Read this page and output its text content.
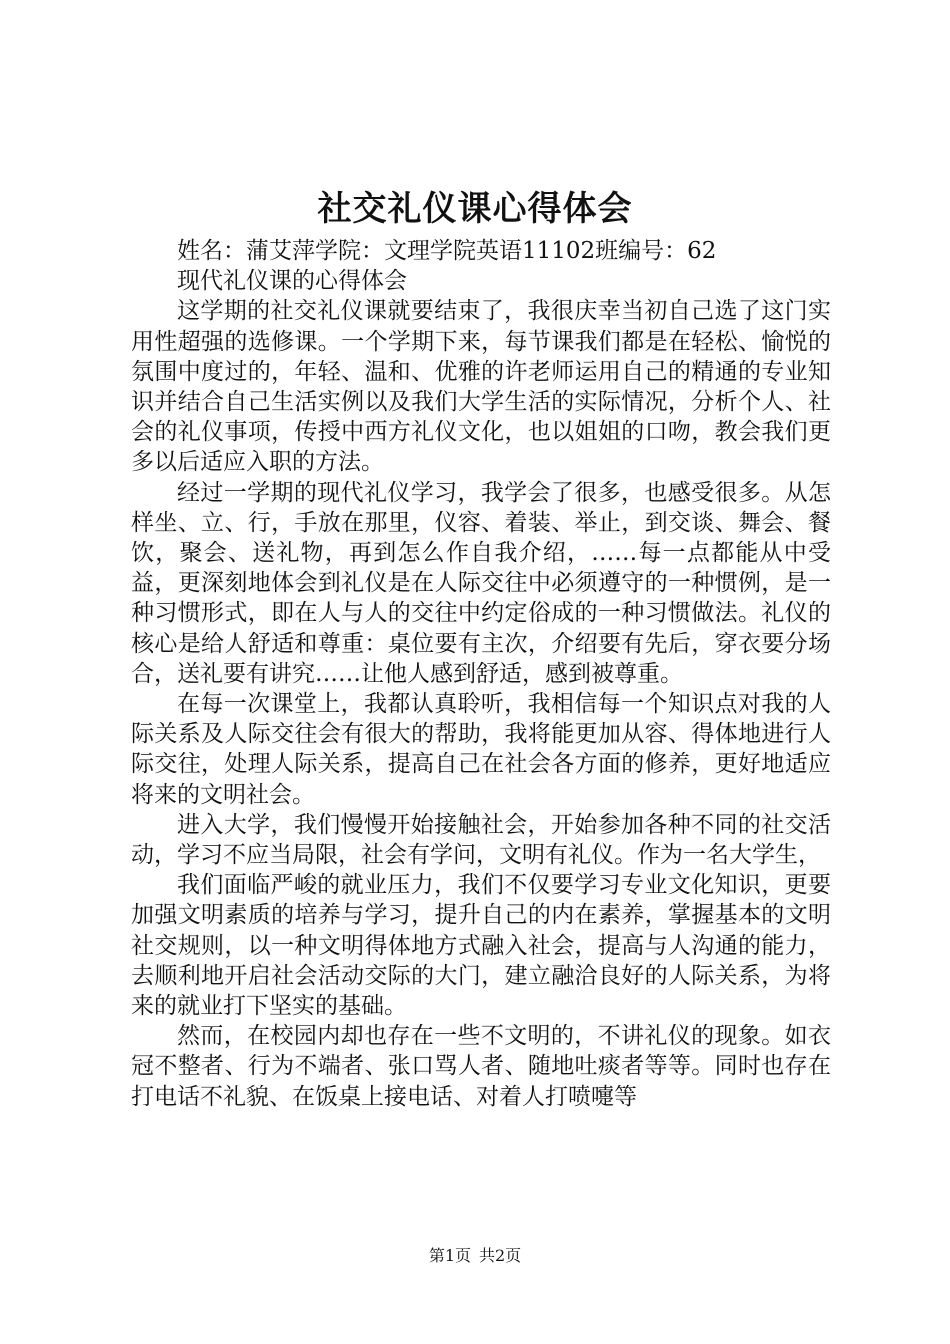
社交礼仪课心得体会

姓名：蒲艾萍学院：文理学院英语11102班编号：62

现代礼仪课的心得体会

这学期的社交礼仪课就要结束了，我很庆幸当初自己选了这门实用性超强的选修课。一个学期下来，每节课我们都是在轻松、愉悦的氛围中度过的，年轻、温和、优雅的许老师运用自己的精通的专业知识并结合自己生活实例以及我们大学生活的实际情况，分析个人、社会的礼仪事项，传授中西方礼仪文化，也以姐姐的口吻，教会我们更多以后适应入职的方法。

经过一学期的现代礼仪学习，我学会了很多，也感受很多。从怎样坐、立、行，手放在那里，仪容、着装、举止，到交谈、舞会、餐饮，聚会、送礼物，再到怎么作自我介绍，……每一点都能从中受益，更深刻地体会到礼仪是在人际交往中必须遵守的一种惯例，是一种习惯形式，即在人与人的交往中约定俗成的一种习惯做法。礼仪的核心是给人舒适和尊重：桌位要有主次，介绍要有先后，穿衣要分场合，送礼要有讲究……让他人感到舒适，感到被尊重。

在每一次课堂上，我都认真聆听，我相信每一个知识点对我的人际关系及人际交往会有很大的帮助，我将能更加从容、得体地进行人际交往，处理人际关系，提高自己在社会各方面的修养，更好地适应将来的文明社会。

进入大学，我们慢慢开始接触社会，开始参加各种不同的社交活动，学习不应当局限，社会有学问，文明有礼仪。作为一名大学生，

我们面临严峻的就业压力，我们不仅要学习专业文化知识，更要加强文明素质的培养与学习，提升自己的内在素养，掌握基本的文明社交规则，以一种文明得体地方式融入社会，提高与人沟通的能力，去顺利地开启社会活动交际的大门，建立融洽良好的人际关系，为将来的就业打下坚实的基础。

然而，在校园内却也存在一些不文明的，不讲礼仪的现象。如衣冠不整者、行为不端者、张口骂人者、随地吐痰者等等。同时也存在打电话不礼貌、在饭桌上接电话、对着人打喷嚏等

第1页 共2页
